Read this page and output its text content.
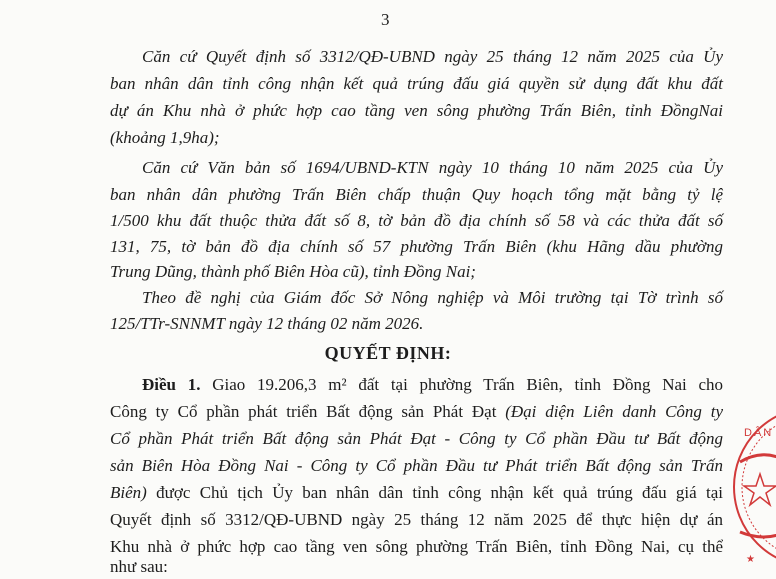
3
Căn cứ Quyết định số 3312/QĐ-UBND ngày 25 tháng 12 năm 2025 của Ủy
ban nhân dân tỉnh công nhận kết quả trúng đấu giá quyền sử dụng đất khu đất
dự án Khu nhà ở phức hợp cao tầng ven sông phường Trấn Biên, tỉnh ĐồngNai
(khoảng 1,9ha);
Căn cứ Văn bản số 1694/UBND-KTN ngày 10 tháng 10 năm 2025 của Ủy
ban nhân dân phường Trấn Biên chấp thuận Quy hoạch tổng mặt bằng tỷ lệ
1/500 khu đất thuộc thửa đất số 8, tờ bản đồ địa chính số 58 và các thửa đất số
131, 75, tờ bản đồ địa chính số 57 phường Trấn Biên (khu Hãng dầu phường
Trung Dũng, thành phố Biên Hòa cũ), tỉnh Đồng Nai;
Theo đề nghị của Giám đốc Sở Nông nghiệp và Môi trường tại Tờ trình số
125/TTr-SNNMT ngày 12 tháng 02 năm 2026.
QUYẾT ĐỊNH:
Điều 1. Giao 19.206,3 m² đất tại phường Trấn Biên, tỉnh Đồng Nai cho
Công ty Cổ phần phát triển Bất động sản Phát Đạt (Đại diện Liên danh Công ty
Cổ phần Phát triển Bất động sản Phát Đạt - Công ty Cổ phần Đầu tư Bất động
sản Biên Hòa Đồng Nai - Công ty Cổ phần Đầu tư Phát triển Bất động sản Trấn
Biên) được Chủ tịch Ủy ban nhân dân tỉnh công nhận kết quả trúng đấu giá tại
Quyết định số 3312/QĐ-UBND ngày 25 tháng 12 năm 2025 để thực hiện dự án
Khu nhà ở phức hợp cao tầng ven sông phường Trấn Biên, tỉnh Đồng Nai, cụ thể
như sau:
DÂN
★
